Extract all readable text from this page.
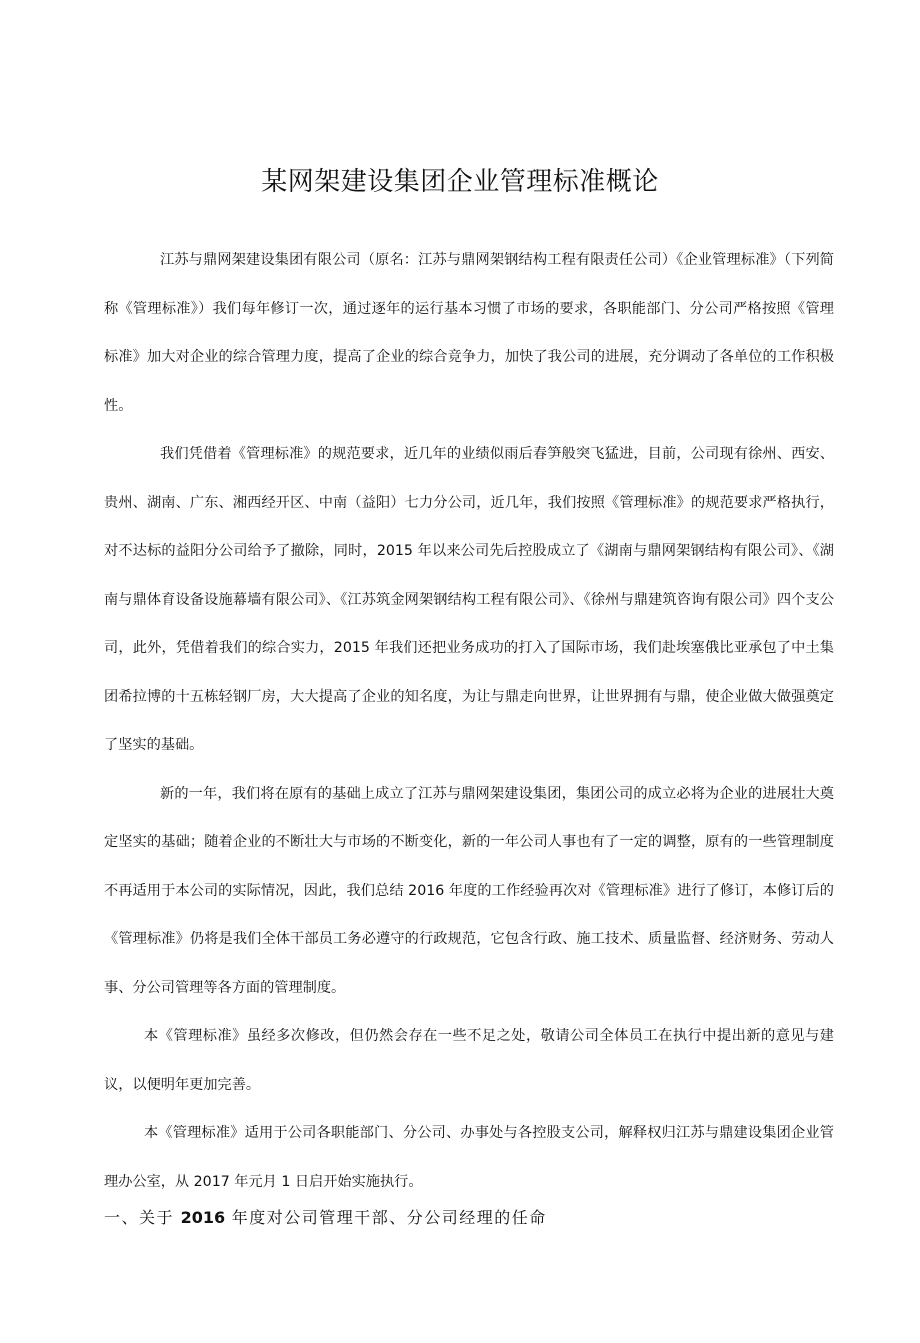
某网架建设集团企业管理标准概论

江苏与鼎网架建设集团有限公司（原名：江苏与鼎网架钢结构工程有限责任公司）《企业管理标准》（下列简称《管理标准》）我们每年修订一次，通过逐年的运行基本习惯了市场的要求，各职能部门、分公司严格按照《管理标准》加大对企业的综合管理力度，提高了企业的综合竞争力，加快了我公司的进展，充分调动了各单位的工作积极性。

我们凭借着《管理标准》的规范要求，近几年的业绩似雨后春笋般突飞猛进，目前，公司现有徐州、西安、贵州、湖南、广东、湘西经开区、中南（益阳）七力分公司，近几年，我们按照《管理标准》的规范要求严格执行，对不达标的益阳分公司给予了撤除，同时，2015 年以来公司先后控股成立了《湖南与鼎网架钢结构有限公司》、《湖南与鼎体育设备设施幕墙有限公司》、《江苏筑金网架钢结构工程有限公司》、《徐州与鼎建筑咨询有限公司》四个支公司，此外，凭借着我们的综合实力，2015 年我们还把业务成功的打入了国际市场，我们赴埃塞俄比亚承包了中土集团希拉博的十五栋轻钢厂房，大大提高了企业的知名度，为让与鼎走向世界，让世界拥有与鼎，使企业做大做强奠定了坚实的基础。

新的一年，我们将在原有的基础上成立了江苏与鼎网架建设集团，集团公司的成立必将为企业的进展壮大奠定坚实的基础；随着企业的不断壮大与市场的不断变化，新的一年公司人事也有了一定的调整，原有的一些管理制度不再适用于本公司的实际情况，因此，我们总结 2016 年度的工作经验再次对《管理标准》进行了修订，本修订后的《管理标准》仍将是我们全体干部员工务必遵守的行政规范，它包含行政、施工技术、质量监督、经济财务、劳动人事、分公司管理等各方面的管理制度。

本《管理标准》虽经多次修改，但仍然会存在一些不足之处，敬请公司全体员工在执行中提出新的意见与建议，以便明年更加完善。

本《管理标准》适用于公司各职能部门、分公司、办事处与各控股支公司，解释权归江苏与鼎建设集团企业管理办公室，从 2017 年元月 1 日启开始实施执行。

一、关于 2016 年度对公司管理干部、分公司经理的任命
